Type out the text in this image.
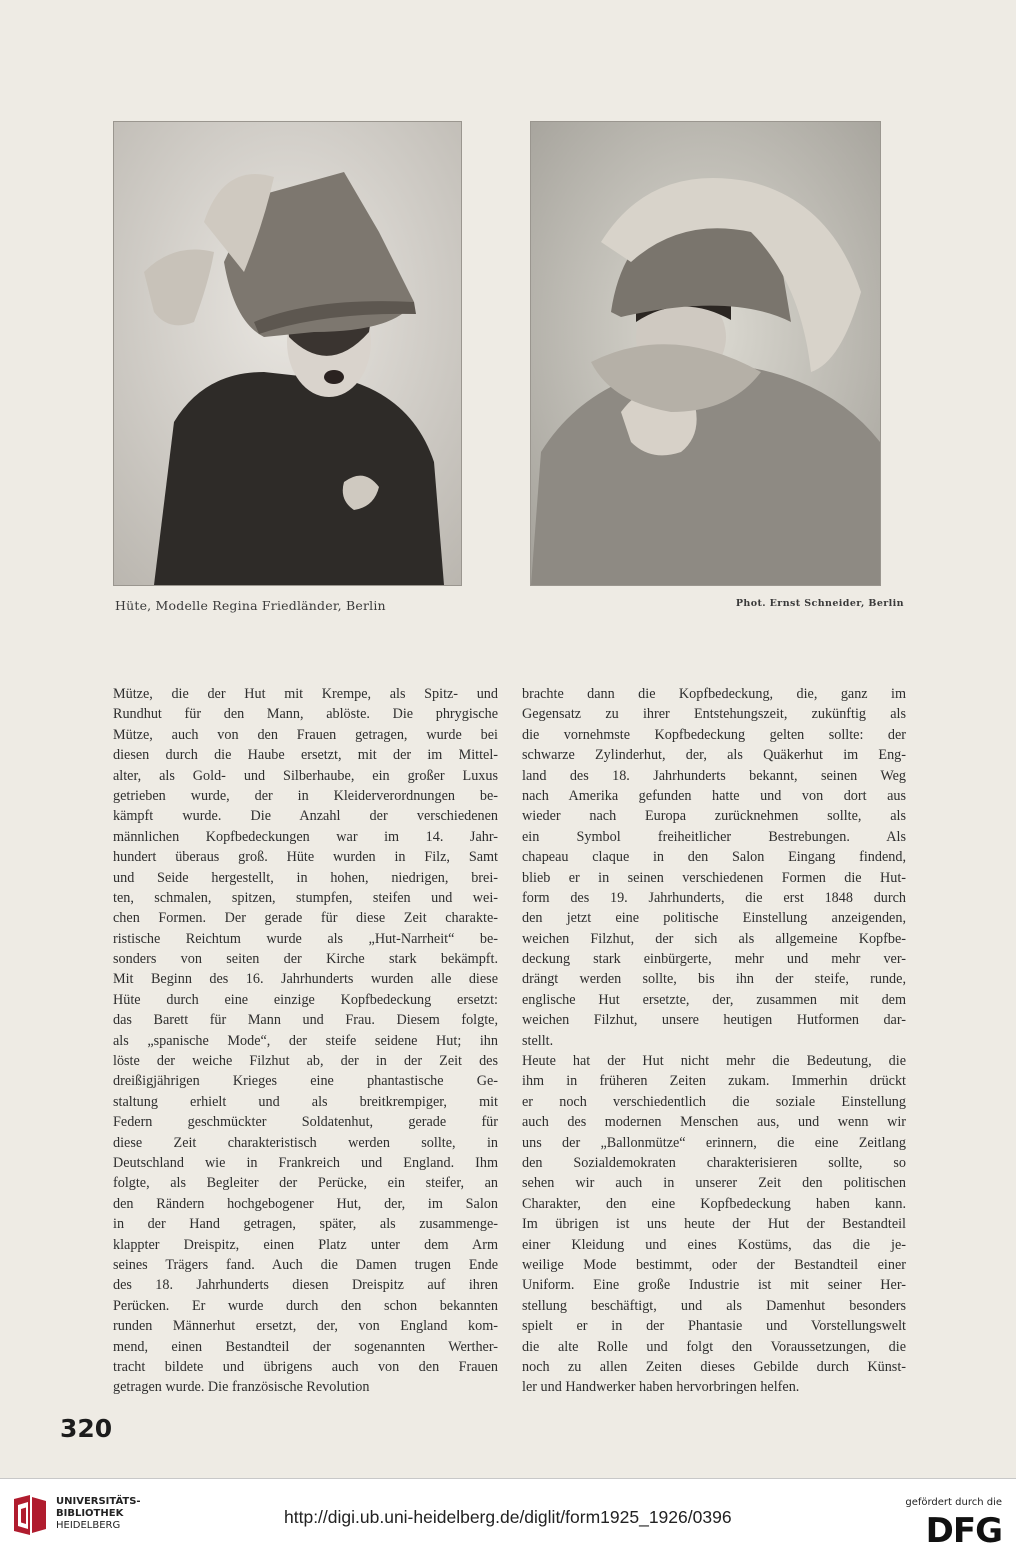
Hüte, Modelle Regina Friedländer, Berlin	Phot. Ernst Schneider, Berlin
Mütze, die der Hut mit Krempe, als Spitz- und
Rundhut für den Mann, ablöste. Die phrygische
Mütze, auch von den Frauen getragen, wurde bei
diesen durch die Haube ersetzt, mit der im Mittel-
alter, als Gold- und Silberhaube, ein großer Luxus
getrieben wurde, der in Kleiderverordnungen be-
kämpft wurde. Die Anzahl der verschiedenen
männlichen Kopfbedeckungen war im 14. Jahr-
hundert überaus groß. Hüte wurden in Filz, Samt
und Seide hergestellt, in hohen, niedrigen, brei-
ten, schmalen, spitzen, stumpfen, steifen und wei-
chen Formen. Der gerade für diese Zeit charakte-
ristische Reichtum wurde als „Hut-Narrheit“ be-
sonders von seiten der Kirche stark bekämpft.
Mit Beginn des 16. Jahrhunderts wurden alle diese
Hüte durch eine einzige Kopfbedeckung ersetzt:
das Barett für Mann und Frau. Diesem folgte,
als „spanische Mode“, der steife seidene Hut; ihn
löste der weiche Filzhut ab, der in der Zeit des
dreißigjährigen Krieges eine phantastische Ge-
staltung erhielt und als breitkrempiger, mit
Federn geschmückter Soldatenhut, gerade für
diese Zeit charakteristisch werden sollte, in
Deutschland wie in Frankreich und England. Ihm
folgte, als Begleiter der Perücke, ein steifer, an
den Rändern hochgebogener Hut, der, im Salon
in der Hand getragen, später, als zusammenge-
klappter Dreispitz, einen Platz unter dem Arm
seines Trägers fand. Auch die Damen trugen Ende
des 18. Jahrhunderts diesen Dreispitz auf ihren
Perücken. Er wurde durch den schon bekannten
runden Männerhut ersetzt, der, von England kom-
mend, einen Bestandteil der sogenannten Werther-
tracht bildete und übrigens auch von den Frauen
getragen wurde. Die französische Revolution
brachte dann die Kopfbedeckung, die, ganz im
Gegensatz zu ihrer Entstehungszeit, zukünftig als
die vornehmste Kopfbedeckung gelten sollte: der
schwarze Zylinderhut, der, als Quäkerhut im Eng-
land des 18. Jahrhunderts bekannt, seinen Weg
nach Amerika gefunden hatte und von dort aus
wieder nach Europa zurücknehmen sollte, als
ein Symbol freiheitlicher Bestrebungen. Als
chapeau claque in den Salon Eingang findend,
blieb er in seinen verschiedenen Formen die Hut-
form des 19. Jahrhunderts, die erst 1848 durch
den jetzt eine politische Einstellung anzeigenden,
weichen Filzhut, der sich als allgemeine Kopfbe-
deckung stark einbürgerte, mehr und mehr ver-
drängt werden sollte, bis ihn der steife, runde,
englische Hut ersetzte, der, zusammen mit dem
weichen Filzhut, unsere heutigen Hutformen dar-
stellt.
Heute hat der Hut nicht mehr die Bedeutung, die
ihm in früheren Zeiten zukam. Immerhin drückt
er noch verschiedentlich die soziale Einstellung
auch des modernen Menschen aus, und wenn wir
uns der „Ballonmütze“ erinnern, die eine Zeitlang
den Sozialdemokraten charakterisieren sollte, so
sehen wir auch in unserer Zeit den politischen
Charakter, den eine Kopfbedeckung haben kann.
Im übrigen ist uns heute der Hut der Bestandteil
einer Kleidung und eines Kostüms, das die je-
weilige Mode bestimmt, oder der Bestandteil einer
Uniform. Eine große Industrie ist mit seiner Her-
stellung beschäftigt, und als Damenhut besonders
spielt er in der Phantasie und Vorstellungswelt
die alte Rolle und folgt den Voraussetzungen, die
noch zu allen Zeiten dieses Gebilde durch Künst-
ler und Handwerker haben hervorbringen helfen.
320
UNIVERSITÄTS-
BIBLIOTHEK
HEIDELBERG	http://digi.ub.uni-heidelberg.de/diglit/form1925_1926/0396
gefördert durch die
DFG
